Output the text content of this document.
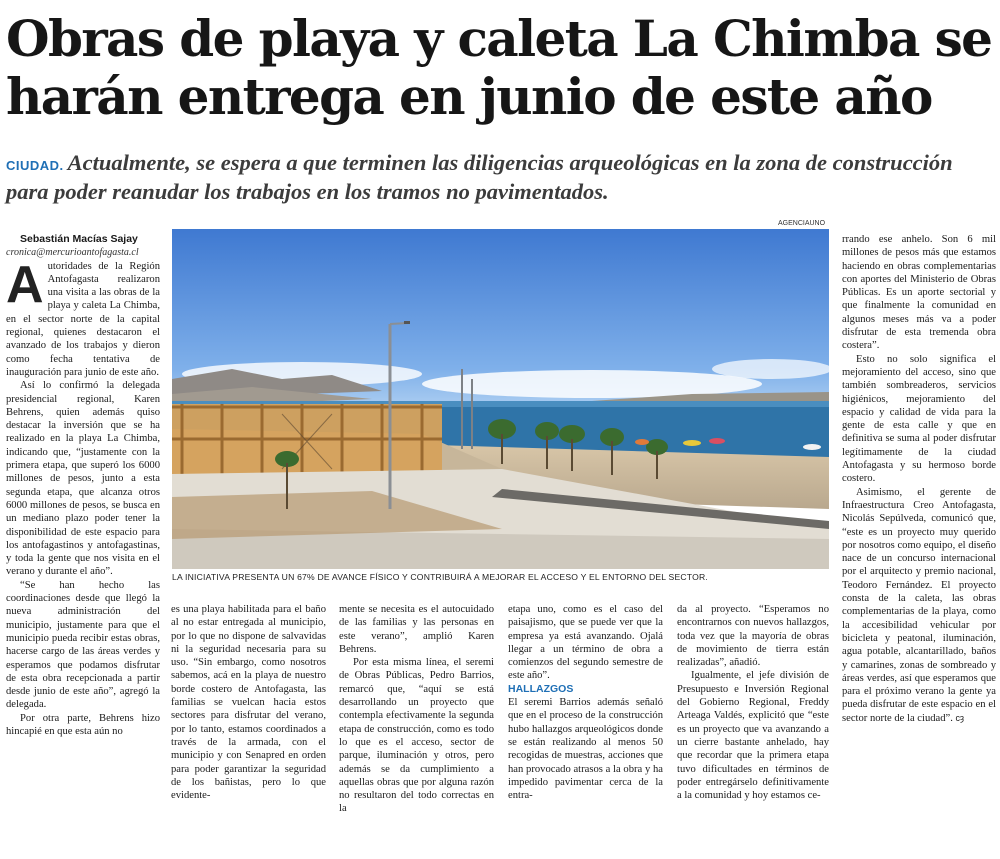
Obras de playa y caleta La Chimba se harán entrega en junio de este año

CIUDAD. Actualmente, se espera a que terminen las diligencias arqueológicas en la zona de construcción para poder reanudar los trabajos en los tramos no pavimentados.

AGENCIAUNO

LA INICIATIVA PRESENTA UN 67% DE AVANCE FÍSICO Y CONTRIBUIRÁ A MEJORAR EL ACCESO Y EL ENTORNO DEL SECTOR.

Sebastián Macías Sajay

cronica@mercurioantofagasta.cl

Autoridades de la Región Antofagasta realizaron una visita a las obras de la playa y caleta La Chimba, en el sector norte de la capital regional, quienes destacaron el avanzado de los trabajos y dieron como fecha tentativa de inauguración para junio de este año.

Así lo confirmó la delegada presidencial regional, Karen Behrens, quien además quiso destacar la inversión que se ha realizado en la playa La Chimba, indicando que, “justamente con la primera etapa, que superó los 6000 millones de pesos, junto a esta segunda etapa, que alcanza otros 6000 millones de pesos, se busca en un mediano plazo poder tener la disponibilidad de este espacio para los antofagastinos y antofagastinas, y toda la gente que nos visita en el verano y durante el año”.

“Se han hecho las coordinaciones desde que llegó la nueva administración del municipio, justamente para que el municipio pueda recibir estas obras, hacerse cargo de las áreas verdes y esperamos que podamos disfrutar de esta obra recepcionada a partir desde junio de este año”, agregó la delegada.

Por otra parte, Behrens hizo hincapié en que esta aún no

es una playa habilitada para el baño al no estar entregada al municipio, por lo que no dispone de salvavidas ni la seguridad necesaria para su uso. “Sin embargo, como nosotros sabemos, acá en la playa de nuestro borde costero de Antofagasta, las familias se vuelcan hacia estos sectores para disfrutar del verano, por lo tanto, estamos coordinados a través de la armada, con el municipio y con Senapred en orden para poder garantizar la seguridad de los bañistas, pero lo que evidente-

mente se necesita es el autocuidado de las familias y las personas en este verano”, amplió Karen Behrens.

Por esta misma línea, el seremi de Obras Públicas, Pedro Barrios, remarcó que, “aquí se está desarrollando un proyecto que contempla efectivamente la segunda etapa de construcción, como es todo lo que es el acceso, sector de parque, iluminación y otros, pero además se da cumplimiento a aquellas obras que por alguna razón no resultaron del todo correctas en la

etapa uno, como es el caso del paisajismo, que se puede ver que la empresa ya está avanzando. Ojalá llegar a un término de obra a comienzos del segundo semestre de este año”.

HALLAZGOS

El seremi Barrios además señaló que en el proceso de la construcción hubo hallazgos arqueológicos donde se están realizando al menos 50 recogidas de muestras, acciones que han provocado atrasos a la obra y ha impedido pavimentar cerca de la entra-

da al proyecto. “Esperamos no encontrarnos con nuevos hallazgos, toda vez que la mayoría de obras de movimiento de tierra están realizadas”, añadió.

Igualmente, el jefe división de Presupuesto e Inversión Regional del Gobierno Regional, Freddy Arteaga Valdés, explicitó que “este es un proyecto que va avanzando a un cierre bastante anhelado, hay que recordar que la primera etapa tuvo dificultades en términos de poder entregárselo definitivamente a la comunidad y hoy estamos ce-

rrando ese anhelo. Son 6 mil millones de pesos más que estamos haciendo en obras complementarias con aportes del Ministerio de Obras Públicas. Es un aporte sectorial y que finalmente la comunidad en algunos meses más va a poder disfrutar de esta tremenda obra costera”.

Esto no solo significa el mejoramiento del acceso, sino que también sombreaderos, servicios higiénicos, mejoramiento del espacio y calidad de vida para la gente de esta calle y que en definitiva se suma al poder disfrutar legítimamente de la ciudad Antofagasta y su hermoso borde costero.

Asimismo, el gerente de Infraestructura Creo Antofagasta, Nicolás Sepúlveda, comunicó que, “este es un proyecto muy querido por nosotros como equipo, el diseño nace de un concurso internacional por el arquitecto y premio nacional, Teodoro Fernández. El proyecto consta de la caleta, las obras complementarias de la playa, como la accesibilidad vehicular por bicicleta y peatonal, iluminación, agua potable, alcantarillado, baños y camarines, zonas de sombreado y áreas verdes, así que esperamos que para el próximo verano la gente ya pueda disfrutar de este espacio en el sector norte de la ciudad”. ᴄȝ
